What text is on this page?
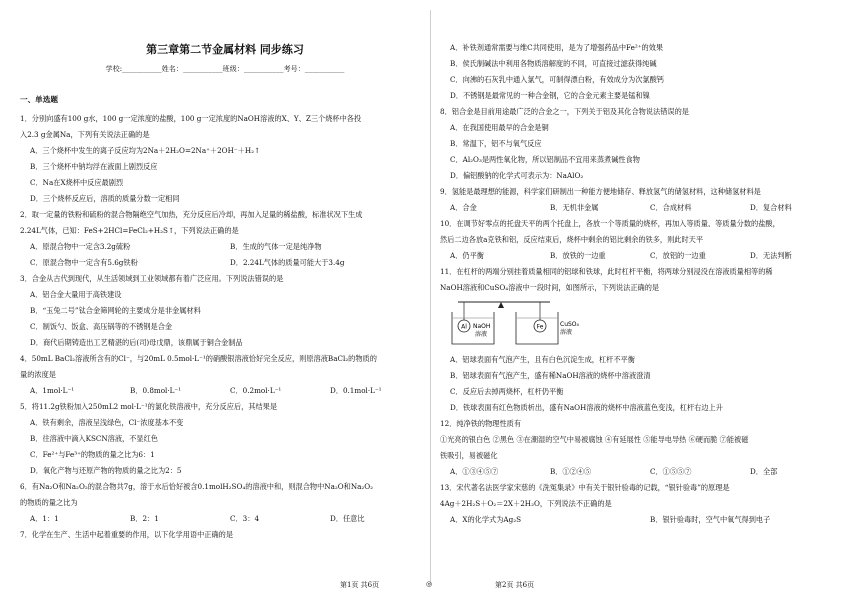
第三章第二节金属材料 同步练习
学校:___________姓名：___________班级：___________考号：___________
一、单选题
1．分别向盛有100 g水，100 g一定浓度的盐酸，100 g一定浓度的NaOH溶液的X、Y、Z三个烧杯中各投
入2.3 g金属Na，下列有关说法正确的是
A．三个烧杯中发生的离子反应均为2Na＋2H₂O=2Na⁺＋2OH⁻＋H₂↑
B．三个烧杯中钠均浮在液面上剧烈反应
C．Na在X烧杯中反应最剧烈
D．三个烧杯反应后，溶质的质量分数一定相同
2．取一定量的铁粉和硫粉的混合物隔绝空气加热，充分反应后冷却，再加入足量的稀盐酸，标准状况下生成
2.24L气体，已知：FeS+2HCl=FeCl₂+H₂S↑，下列说法正确的是
A．原混合物中一定含3.2g硫粉	B．生成的气体一定是纯净物
C．原混合物中一定含有5.6g铁粉	D．2.24L气体的质量可能大于3.4g
3．合金从古代到现代，从生活领域到工业领域都有着广泛应用。下列说法错误的是
A．铝合金大量用于高铁建设
B．“玉兔二号”钛合金筛网轮的主要成分是非金属材料
C．制饭勺、饭盒、高压锅等的不锈钢是合金
D．商代后期铸造出工艺精湛的后(司)母戊鼎，该鼎属于铜合金制品
4．50mL BaCl₂溶液所含有的Cl⁻，与20mL 0.5mol·L⁻¹的硝酸银溶液恰好完全反应，则原溶液BaCl₂的物质的
量的浓度是
A．1mol·L⁻¹	B．0.8mol·L⁻¹	C．0.2mol·L⁻¹	D．0.1mol·L⁻¹
5．将11.2g铁粉加入250mL2 mol·L⁻¹的氯化铁溶液中，充分反应后，其结果是
A．铁有剩余，溶液呈浅绿色，Cl⁻浓度基本不变
B．往溶液中滴入KSCN溶液，不显红色
C．Fe²⁺与Fe³⁺的物质的量之比为6：1
D．氧化产物与还原产物的物质的量之比为2：5
6．有Na₂O和Na₂O₂的混合物共7g，溶于水后恰好被含0.1molH₂SO₄的溶液中和，则混合物中Na₂O和Na₂O₂
的物质的量之比为
A．1：1	B．2：1	C．3：4	D．任意比
7．化学在生产、生活中起着重要的作用，以下化学用语中正确的是
A．补铁剂通常需要与维C共同使用，是为了增强药品中Fe²⁺的效果
B．侯氏制碱法中利用各物质溶解度的不同，可直接过滤获得纯碱
C．向沸的石灰乳中通入氯气，可制得漂白粉，有效成分为次氯酸钙
D．不锈钢是最常见的一种合金钢，它的合金元素主要是锰和镍
8．铝合金是目前用途最广泛的合金之一，下列关于铝及其化合物说法错误的是
A．在我国使用最早的合金是铜
B．常温下，铝不与氧气反应
C．Al₂O₃是两性氧化物，所以铝制品不宜用来蒸煮碱性食物
D．偏铝酸钠的化学式可表示为：NaAlO₂
9．氢能是最理想的能源，科学家们研制出一种能方便地储存、释放氢气的储氢材料，这种储氢材料是
A．合金	B．无机非金属	C．合成材料	D．复合材料
10．在调节好零点的托盘天平的两个托盘上，各放一个等质量的烧杯，再加入等质量、等质量分数的盐酸，
然后二边各放a克铁和铝，反应结束后，烧杯中剩余的铝比剩余的铁多，则此时天平
A．仍平衡	B．放铁的一边重	C．放铝的一边重	D．无法判断
11．在杠杆的两端分别挂着质量相同的铝球和铁球，此时杠杆平衡，将两球分别浸没在溶液质量相等的稀
NaOH溶液和CuSO₄溶液中一段时间，如图所示，下列说法正确的是
Al	Fe
NaOH
溶液
CuSO₄
溶液
A．铝球表面有气泡产生，且有白色沉淀生成，杠杆不平衡
B．铝球表面有气泡产生，盛有稀NaOH溶液的烧杯中溶液澄清
C．反应后去掉两烧杯，杠杆仍平衡
D．铁球表面有红色物质析出，盛有NaOH溶液的烧杯中溶液蓝色变浅，杠杆右边上升
12．纯净铁的物理性质有
①光亮的银白色 ②黑色 ③在潮湿的空气中易被腐蚀 ④有延展性 ⑤能导电导热 ⑥硬而脆 ⑦能被磁
铁吸引，易被磁化
A．①③④⑤⑦	B．①②④⑤	C．①⑤⑤⑦	D．全部
13．宋代著名法医学家宋慈的《洗冤集录》中有关于银针验毒的记载，“银针验毒”的原理是
4Ag＋2H₂S＋O₂＝2X＋2H₂O，下列说法不正确的是
A．X的化学式为Ag₂S	B．银针验毒时，空气中氧气得到电子
第1页 共6页	◎	第2页 共6页
